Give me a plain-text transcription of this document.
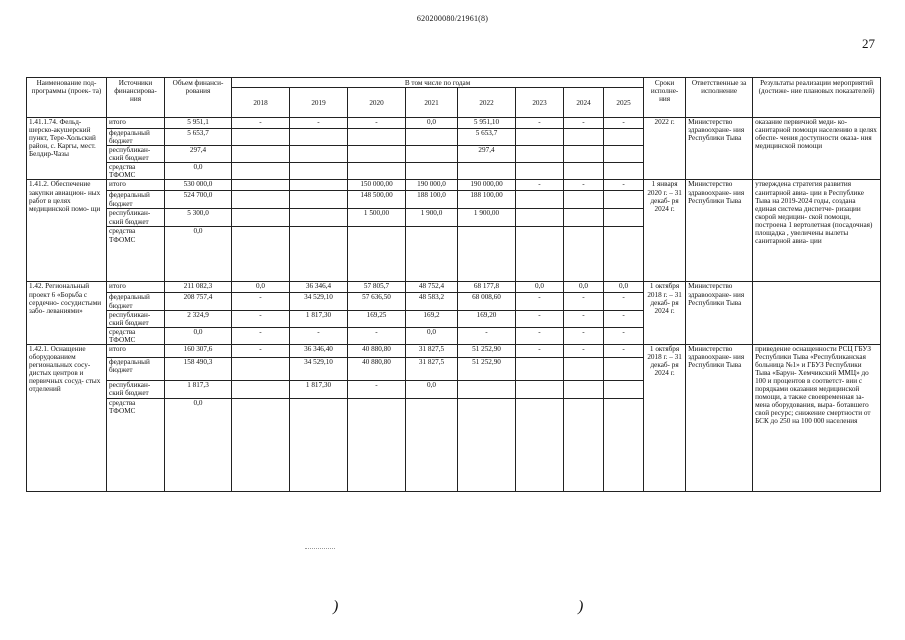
620200080/21961(8)
27
Наименование под- программы (проек- та)	Источники финансирова- ния	Объем финанси- рования	В том числе по годам								Сроки исполне- ния	Ответственные за исполнение	Результаты реализации мероприятий (достиже- ние плановых показателей)
			2018	2019	2020	2021	2022	2023	2024	2025			
1.41.1.74. Фельд- шерско-акушерский пункт, Тере-Хольский район, с. Каргы, мест. Белдир-Чазы	итого	5 951,1	-	-	-	0,0	5 951,10	-	-	-	2022 г.	Министерство здравоохране- ния Республики Тыва	оказание первичной меди- ко-санитарной помощи населению в целях обеспе- чения доступности оказа- ния медицинской помощи
	федеральный бюджет	5 653,7					5 653,7						
	республикан- ский бюджет	297,4					297,4						
	средства ТФОМС	0,0											
1.41.2. Обеспечение закупки авиацион- ных работ в целях медицинской помо- щи	итого	530 000,0			150 000,00	190 000,0	190 000,00	-	-	-	1 января 2020 г. – 31 декаб- ря 2024 г.	Министерство здравоохране- ния Республики Тыва	утверждена стратегия развития санитарной авиа- ции в Республике Тыва на 2019-2024 годы, создана единая система диспетче- ризации скорой медицин- ской помощи, построена 1 вертолетная (посадочная) площадка , увеличены вылеты санитарной авиа- ции
	федеральный бюджет	524 700,0			148 500,00	188 100,0	188 100,00						
	республикан- ский бюджет	5 300,0			1 500,00	1 900,0	1 900,00						
	средства ТФОМС	0,0											
1.42. Региональный проект 6 «Борьба с сердечно- сосудистыми забо- леваниями»	итого	211 082,3	0,0	36 346,4	57 805,7	48 752,4	68 177,8	0,0	0,0	0,0	1 октября 2018 г. – 31 декаб- ря 2024 г.	Министерство здравоохране- ния Республики Тыва	
	федеральный бюджет	208 757,4	-	34 529,10	57 636,50	48 583,2	68 008,60	-	-	-			
	республикан- ский бюджет	2 324,9	-	1 817,30	169,25	169,2	169,20	-	-	-			
	средства ТФОМС	0,0	-	-	-	0,0	-	-	-	-			
1.42.1. Оснащение оборудованием региональных сосу- дистых центров и первичных сосуд- стых отделений	итого	160 307,6	-	36 346,40	40 880,80	31 827,5	51 252,90	-	-	-	1 октября 2018 г. – 31 декаб- ря 2024 г.	Министерство здравоохране- ния Республики Тыва	приведение оснащенности РСЦ ГБУЗ Республики Тыва «Республиканская больница №1» и ГБУЗ Республики Тыва «Барун- Хемчикский ММЦ» до 100 и процентов в соответст- вии с порядками оказания медицинской помощи, а также своевременная за- мена оборудования, выра- ботавшего свой ресурс; снижение смертности от БСК до 250 на 100 000 населения
	федеральный бюджет	158 490,3		34 529,10	40 880,80	31 827,5	51 252,90						
	республикан- ский бюджет	1 817,3		1 817,30	-	0,0							
	средства ТФОМС	0,0											
)	)
